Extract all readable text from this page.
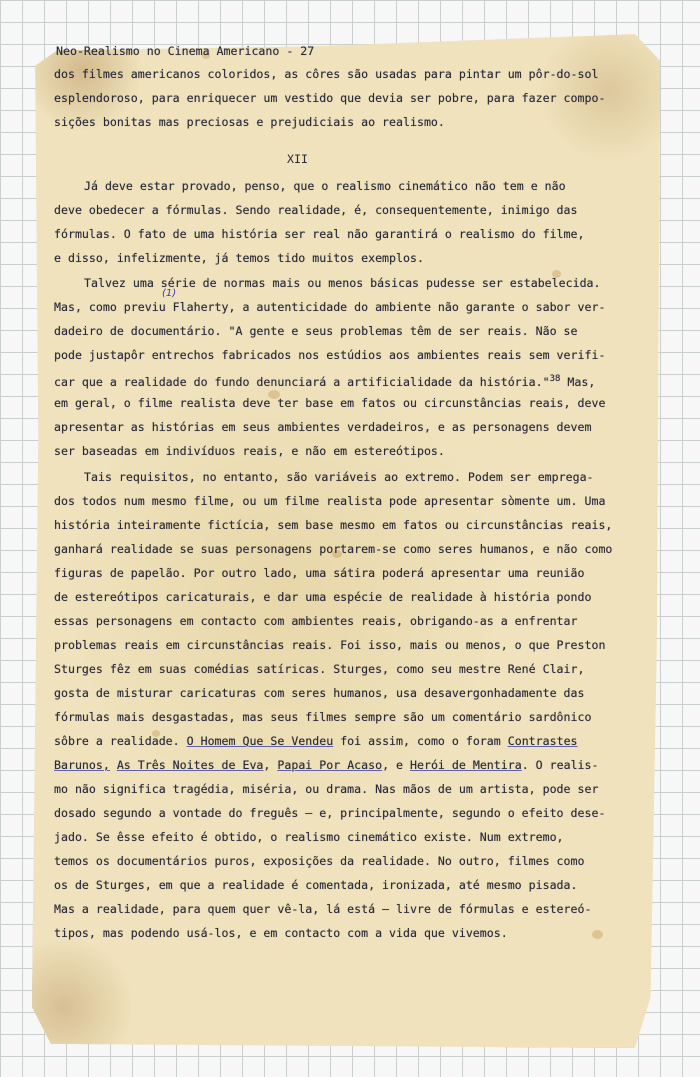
Neo-Realismo no Cinema Americano - 27

dos filmes americanos coloridos, as côres são usadas para pintar um pôr-do-sol

esplendoroso, para enriquecer um vestido que devia ser pobre, para fazer compo-

sições bonitas mas preciosas e prejudiciais ao realismo.

XII

Já deve estar provado, penso, que o realismo cinemático não tem e não

deve obedecer a fórmulas. Sendo realidade, é, consequentemente, inimigo das

fórmulas. O fato de uma história ser real não garantirá o realismo do filme,

e disso, infelizmente, já temos tido muitos exemplos.

(1)

Talvez uma série de normas mais ou menos básicas pudesse ser estabelecida.

Mas, como previu Flaherty, a autenticidade do ambiente não garante o sabor ver-

dadeiro de documentário. "A gente e seus problemas têm de ser reais. Não se

pode justapôr entrechos fabricados nos estúdios aos ambientes reais sem verifi-

car que a realidade do fundo denunciará a artificialidade da história."$^{38}$ Mas,

em geral, o filme realista deve ter base em fatos ou circunstâncias reais, deve

apresentar as histórias em seus ambientes verdadeiros, e as personagens devem

ser baseadas em indivíduos reais, e não em estereótipos.

Tais requisitos, no entanto, são variáveis ao extremo. Podem ser emprega-

dos todos num mesmo filme, ou um filme realista pode apresentar sòmente um. Uma

história inteiramente fictícia, sem base mesmo em fatos ou circunstâncias reais,

ganhará realidade se suas personagens portarem-se como seres humanos, e não como

figuras de papelão. Por outro lado, uma sátira poderá apresentar uma reunião

de estereótipos caricaturais, e dar uma espécie de realidade à história pondo

essas personagens em contacto com ambientes reais, obrigando-as a enfrentar

problemas reais em circunstâncias reais. Foi isso, mais ou menos, o que Preston

Sturges fêz em suas comédias satíricas. Sturges, como seu mestre René Clair,

gosta de misturar caricaturas com seres humanos, usa desavergonhadamente das

fórmulas mais desgastadas, mas seus filmes sempre são um comentário sardônico

sôbre a realidade. O Homem Que Se Vendeu foi assim, como o foram Contrastes

Barunos, As Três Noites de Eva, Papai Por Acaso, e Herói de Mentira. O realis-

mo não significa tragédia, miséria, ou drama. Nas mãos de um artista, pode ser

dosado segundo a vontade do freguês — e, principalmente, segundo o efeito dese-

jado. Se êsse efeito é obtido, o realismo cinemático existe. Num extremo,

temos os documentários puros, exposições da realidade. No outro, filmes como

os de Sturges, em que a realidade é comentada, ironizada, até mesmo pisada.

Mas a realidade, para quem quer vê-la, lá está — livre de fórmulas e estereó-

tipos, mas podendo usá-los, e em contacto com a vida que vivemos.
